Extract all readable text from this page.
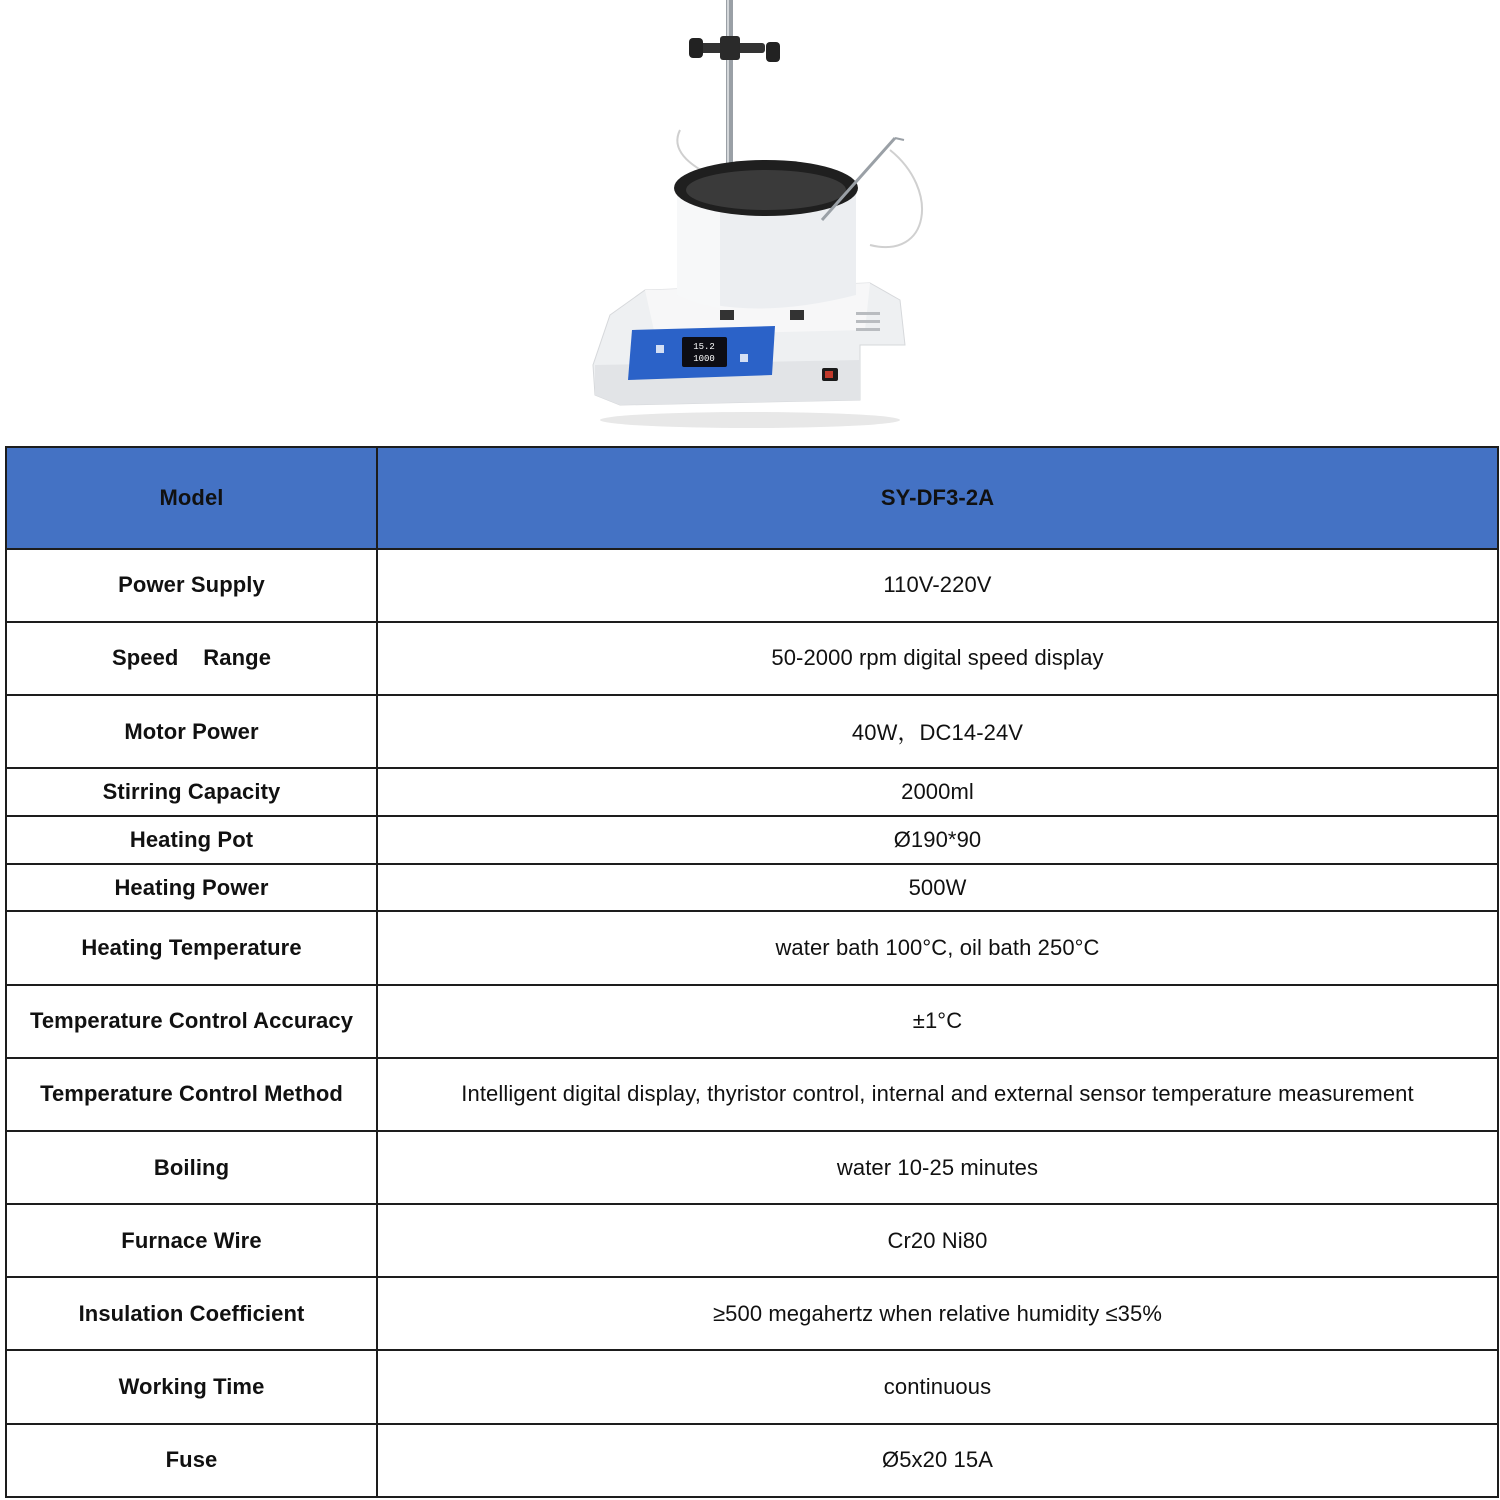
15.2
1000
SUNNY
Model	SY-DF3-2A
Power Supply	110V-220V
Speed    Range	50-2000 rpm digital speed display
Motor Power	40W，DC14-24V
Stirring Capacity	2000ml
Heating Pot	Ø190*90
Heating Power	500W
Heating Temperature	water bath 100°C, oil bath 250°C
Temperature Control Accuracy	±1°C
Temperature Control Method	Intelligent digital display, thyristor control, internal and external sensor temperature measurement
Boiling	water 10-25 minutes
Furnace Wire	Cr20 Ni80
Insulation Coefficient	≥500 megahertz when relative humidity ≤35%
Working Time	continuous
Fuse	Ø5x20 15A
